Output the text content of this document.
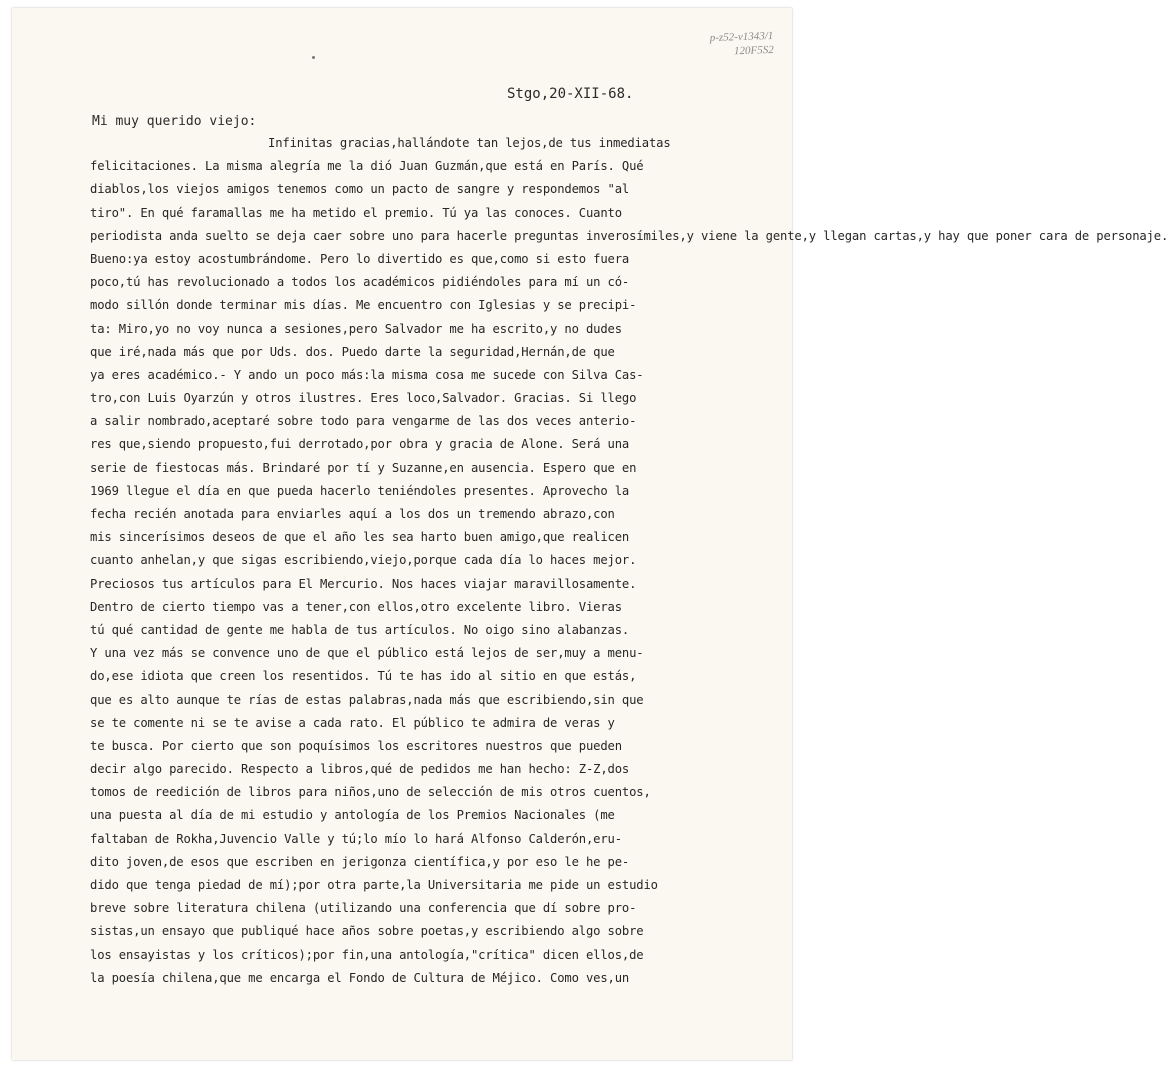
p-z52-v1343/1
120F5S2
Stgo,20-XII-68.
Mi muy querido viejo:
Infinitas gracias,hallándote tan lejos,de tus inmediatas
felicitaciones. La misma alegría me la dió Juan Guzmán,que está en París. Qué
diablos,los viejos amigos tenemos como un pacto de sangre y respondemos "al
tiro". En qué faramallas me ha metido el premio. Tú ya las conoces. Cuanto
periodista anda suelto se deja caer sobre uno para hacerle preguntas inverosímiles,y viene la gente,y llegan cartas,y hay que poner cara de personaje.
Bueno:ya estoy acostumbrándome. Pero lo divertido es que,como si esto fuera
poco,tú has revolucionado a todos los académicos pidiéndoles para mí un có-
modo sillón donde terminar mis días. Me encuentro con Iglesias y se precipi-
ta: Miro,yo no voy nunca a sesiones,pero Salvador me ha escrito,y no dudes
que iré,nada más que por Uds. dos. Puedo darte la seguridad,Hernán,de que
ya eres académico.- Y ando un poco más:la misma cosa me sucede con Silva Cas-
tro,con Luis Oyarzún y otros ilustres. Eres loco,Salvador. Gracias. Si llego
a salir nombrado,aceptaré sobre todo para vengarme de las dos veces anterio-
res que,siendo propuesto,fui derrotado,por obra y gracia de Alone. Será una
serie de fiestocas más. Brindaré por tí y Suzanne,en ausencia. Espero que en
1969 llegue el día en que pueda hacerlo teniéndoles presentes. Aprovecho la
fecha recién anotada para enviarles aquí a los dos un tremendo abrazo,con
mis sincerísimos deseos de que el año les sea harto buen amigo,que realicen
cuanto anhelan,y que sigas escribiendo,viejo,porque cada día lo haces mejor.
Preciosos tus artículos para El Mercurio. Nos haces viajar maravillosamente.
Dentro de cierto tiempo vas a tener,con ellos,otro excelente libro. Vieras
tú qué cantidad de gente me habla de tus artículos. No oigo sino alabanzas.
Y una vez más se convence uno de que el público está lejos de ser,muy a menu-
do,ese idiota que creen los resentidos. Tú te has ido al sitio en que estás,
que es alto aunque te rías de estas palabras,nada más que escribiendo,sin que
se te comente ni se te avise a cada rato. El público te admira de veras y
te busca. Por cierto que son poquísimos los escritores nuestros que pueden
decir algo parecido. Respecto a libros,qué de pedidos me han hecho: Z-Z,dos
tomos de reedición de libros para niños,uno de selección de mis otros cuentos,
una puesta al día de mi estudio y antología de los Premios Nacionales (me
faltaban de Rokha,Juvencio Valle y tú;lo mío lo hará Alfonso Calderón,eru-
dito joven,de esos que escriben en jerigonza científica,y por eso le he pe-
dido que tenga piedad de mí);por otra parte,la Universitaria me pide un estudio
breve sobre literatura chilena (utilizando una conferencia que dí sobre pro-
sistas,un ensayo que publiqué hace años sobre poetas,y escribiendo algo sobre
los ensayistas y los críticos);por fin,una antología,"crítica" dicen ellos,de
la poesía chilena,que me encarga el Fondo de Cultura de Méjico. Como ves,un
